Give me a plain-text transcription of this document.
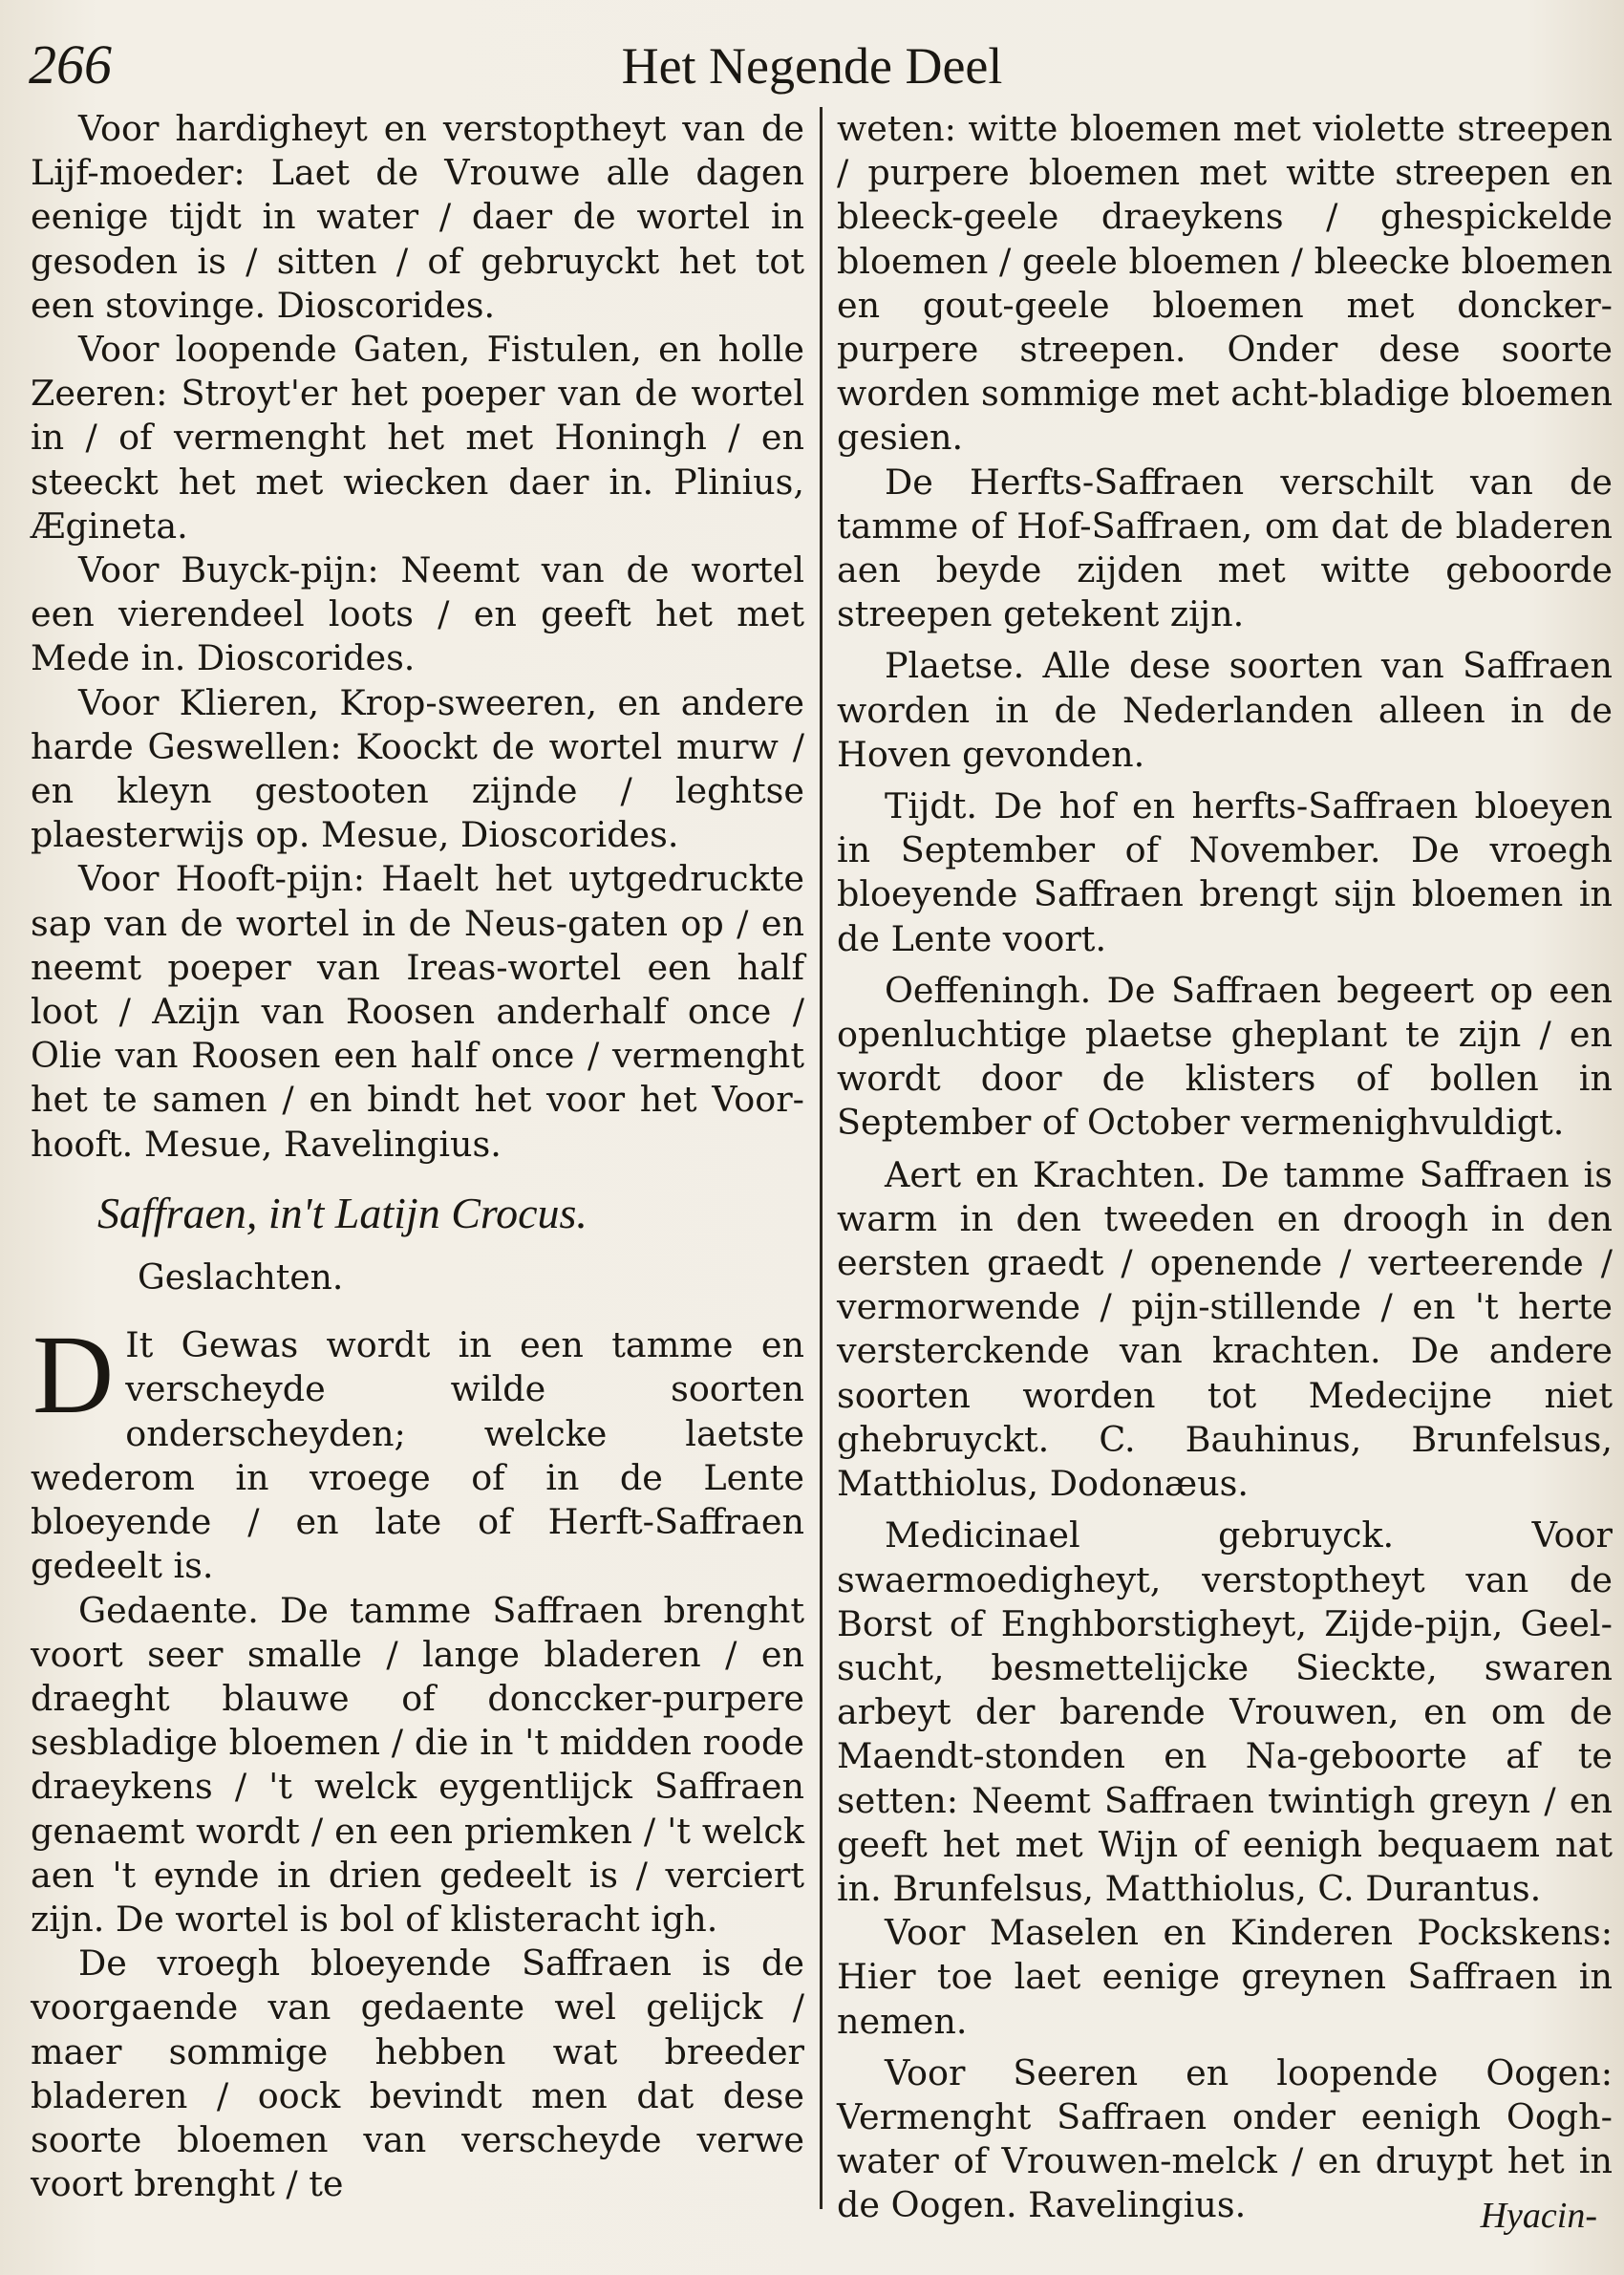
266	Het Negende Deel

Voor hardigheyt en verstoptheyt van de Lijf-moeder: Laet de Vrouwe alle dagen eenige tijdt in water / daer de wortel in gesoden is / sitten / of gebruyckt het tot een stovinge. Dioscorides.

Voor loopende Gaten, Fistulen, en holle Zeeren: Stroyt'er het poeper van de wortel in / of vermenght het met Honingh / en steeckt het met wiecken daer in. Plinius, Ægineta.

Voor Buyck-pijn: Neemt van de wortel een vierendeel loots / en geeft het met Mede in. Dioscorides.

Voor Klieren, Krop-sweeren, en andere harde Geswellen: Koockt de wortel murw / en kleyn gestooten zijnde / leghtse plaesterwijs op. Mesue, Dioscorides.

Voor Hooft-pijn: Haelt het uytgedruckte sap van de wortel in de Neus-gaten op / en neemt poeper van Ireas-wortel een half loot / Azijn van Roosen anderhalf once / Olie van Roosen een half once / vermenght het te samen / en bindt het voor het Voor-hooft. Mesue, Ravelingius.

Saffraen, in't Latijn Crocus.
Geslachten.

D It Gewas wordt in een tamme en verscheyde wilde soorten onderscheyden; welcke laetste wederom in vroege of in de Lente bloeyende / en late of Herft-Saffraen gedeelt is.

Gedaente. De tamme Saffraen brenght voort seer smalle / lange bladeren / en draeght blauwe of donccker-purpere sesbladige bloemen / die in 't midden roode draeykens / 't welck eygentlijck Saffraen genaemt wordt / en een priemken / 't welck aen 't eynde in drien gedeelt is / verciert zijn. De wortel is bol of klisteracht igh.

De vroegh bloeyende Saffraen is de voorgaende van gedaente wel gelijck / maer sommige hebben wat breeder bladeren / oock bevindt men dat dese soorte bloemen van verscheyde verwe voort brenght / te

weten: witte bloemen met violette streepen / purpere bloemen met witte streepen en bleeck-geele draeykens / ghespickelde bloemen / geele bloemen / bleecke bloemen en gout-geele bloemen met doncker-purpere streepen. Onder dese soorte worden sommige met acht-bladige bloemen gesien.

De Herfts-Saffraen verschilt van de tamme of Hof-Saffraen, om dat de bladeren aen beyde zijden met witte geboorde streepen getekent zijn.

Plaetse. Alle dese soorten van Saffraen worden in de Nederlanden alleen in de Hoven gevonden.

Tijdt. De hof en herfts-Saffraen bloeyen in September of November. De vroegh bloeyende Saffraen brengt sijn bloemen in de Lente voort.

Oeffeningh. De Saffraen begeert op een openluchtige plaetse gheplant te zijn / en wordt door de klisters of bollen in September of October vermenighvuldigt.

Aert en Krachten. De tamme Saffraen is warm in den tweeden en droogh in den eersten graedt / openende / verteerende / vermorwende / pijn-stillende / en 't herte versterckende van krachten. De andere soorten worden tot Medecijne niet ghebruyckt. C. Bauhinus, Brunfelsus, Matthiolus, Dodonæus.

Medicinael gebruyck. Voor swaermoedigheyt, verstoptheyt van de Borst of Enghborstigheyt, Zijde-pijn, Geel-sucht, besmettelijcke Sieckte, swaren arbeyt der barende Vrouwen, en om de Maendt-stonden en Na-geboorte af te setten: Neemt Saffraen twintigh greyn / en geeft het met Wijn of eenigh bequaem nat in. Brunfelsus, Matthiolus, C. Durantus.

Voor Maselen en Kinderen Pockskens: Hier toe laet eenige greynen Saffraen in nemen.

Voor Seeren en loopende Oogen: Vermenght Saffraen onder eenigh Oogh-water of Vrouwen-melck / en druypt het in de Oogen. Ravelingius.	Hyacin-
